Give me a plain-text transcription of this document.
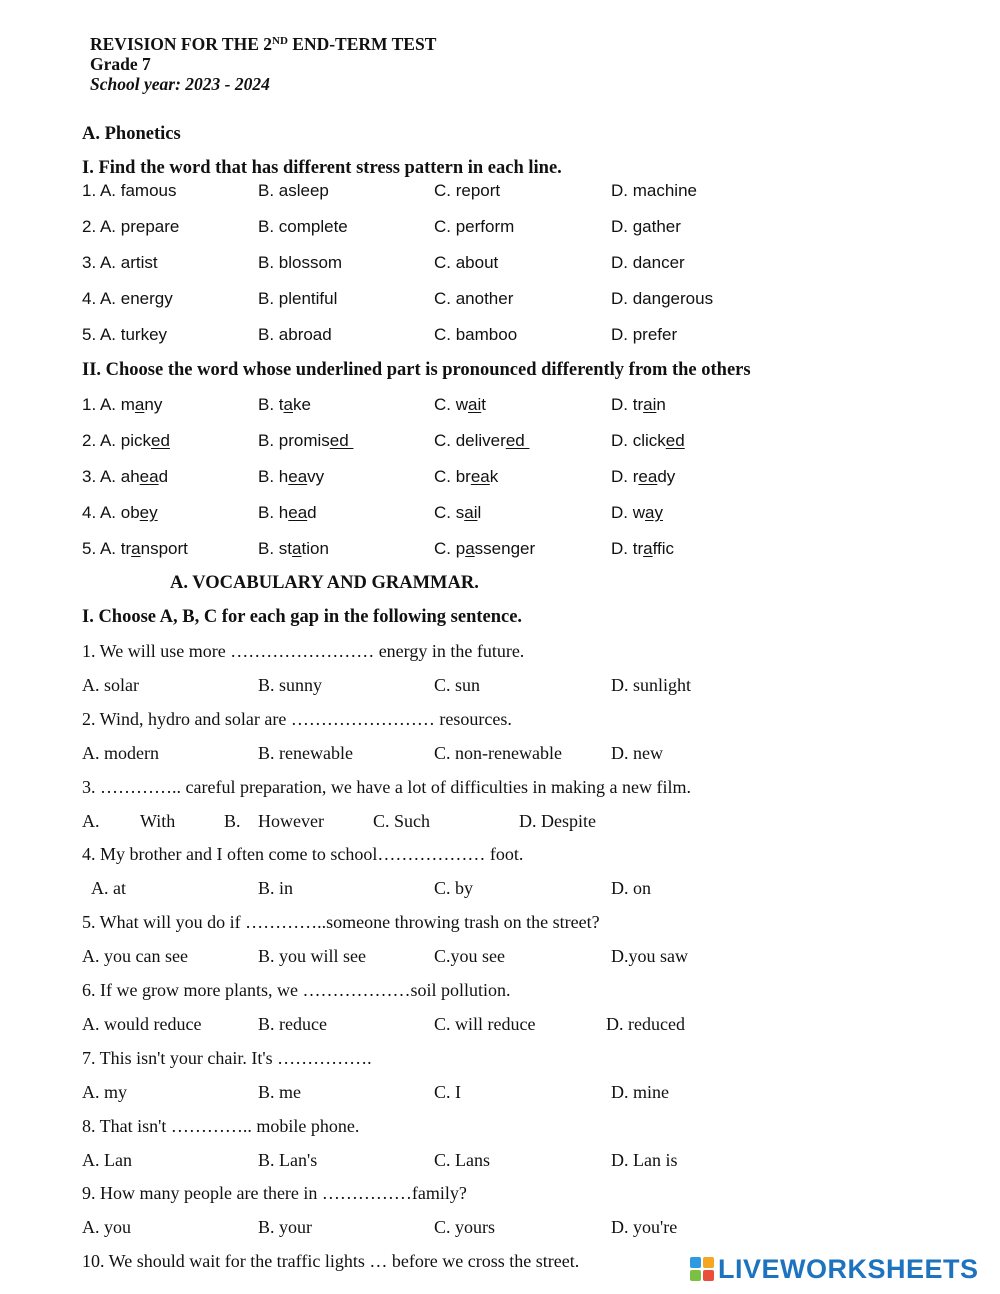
REVISION FOR THE 2ND END-TERM TEST
Grade 7
School year: 2023 - 2024
A. Phonetics
I. Find the word that has different stress pattern in each line.
1. A. famous	B. asleep	C. report	D. machine
2. A. prepare	B. complete	C. perform	D. gather
3. A. artist	B. blossom	C. about	D. dancer
4. A. energy	B. plentiful	C. another	D. dangerous
5. A. turkey	B. abroad	C. bamboo	D. prefer
II. Choose the word whose underlined part is pronounced differently from the others
1. A. many	B. take	C. wait	D. train
2. A. picked	B. promised	C. delivered	D. clicked
3. A. ahead	B. heavy	C. break	D. ready
4. A. obey	B. head	C. sail	D. way
5. A. transport	B. station	C. passenger	D. traffic
A. VOCABULARY AND GRAMMAR.
I. Choose A, B, C for each gap in the following sentence.
1. We will use more …………………… energy in the future.
A. solar	B. sunny	C. sun	D. sunlight
2. Wind, hydro and solar are …………………… resources.
A. modern	B. renewable	C. non-renewable	D. new
3. ………….. careful preparation, we have a lot of difficulties in making a new film.
A. With	B. However	C. Such	D. Despite
4. My brother and I often come to school……………… foot.
A. at	B. in	C. by	D. on
5. What will you do if …………..someone throwing trash on the street?
A. you can see	B. you will see	C.you see	D.you saw
6. If we grow more plants, we ………………soil pollution.
A. would reduce	B. reduce	C. will reduce	D. reduced
7. This isn't your chair. It's …………….
A. my	B. me	C. I	D. mine
8. That isn't ………….. mobile phone.
A. Lan	B. Lan's	C. Lans	D. Lan is
9. How many people are there in ……………family?
A. you	B. your	C. yours	D. you're
10. We should wait for the traffic lights … before we cross the street.	LIVEWORKSHEETS
